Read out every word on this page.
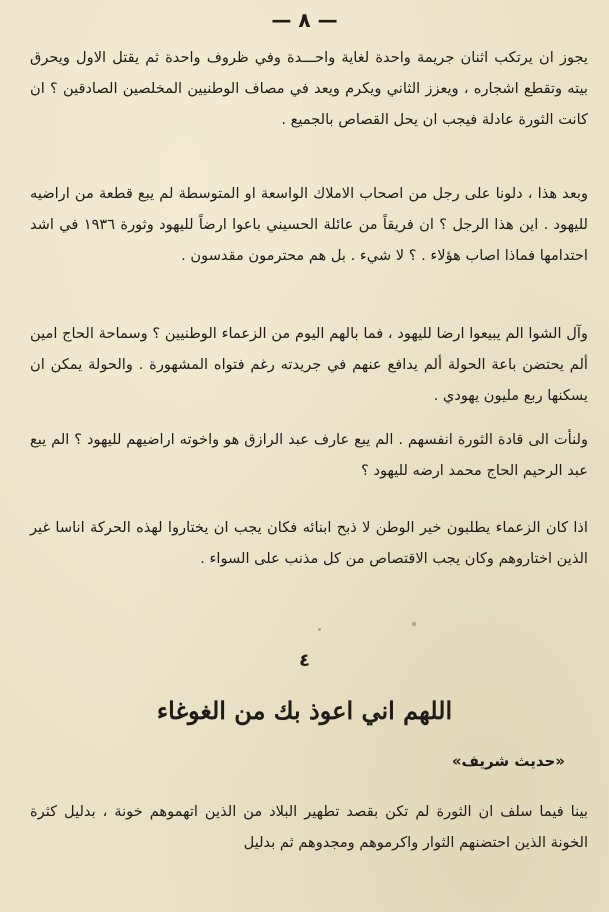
— ٨ —

يجوز ان يرتكب اثنان جريمة واحدة لغاية واحـــدة وفي ظروف واحدة ثم يقتل الاول ويحرق بيته وتقطع اشجاره ، ويعزز الثاني ويكرم ويعد في مصاف الوطنيين المخلصين الصادقين ؟ ان كانت الثورة عادلة فيجب ان يحل القصاص بالجميع .

وبعد هذا ، دلونا على رجل من اصحاب الاملاك الواسعة او المتوسطة لم يبع قطعة من اراضيه لليهود . اين هذا الرجل ؟ ان فريقاً من عائلة الحسيني باعوا ارضاً لليهود وثورة ١٩٣٦ في اشد احتدامها فماذا اصاب هؤلاء . ؟ لا شيء . بل هم محترمون مقدسون .

وآل الشوا الم يبيعوا ارضا لليهود ، فما بالهم اليوم من الزعماء الوطنيين ؟ وسماحة الحاج امين ألم يحتضن باعة الحولة ألم يدافع عنهم في جريدته رغم فتواه المشهورة . والحولة يمكن ان يسكنها ربع مليون يهودي .

ولنأت الى قادة الثورة انفسهم . الم يبع عارف عبد الرازق هو واخوته اراضيهم لليهود ؟ الم يبع عبد الرحيم الحاج محمد ارضه لليهود ؟

اذا كان الزعماء يطلبون خير الوطن لا ذبح ابنائه فكان يجب ان يختاروا لهذه الحركة اناسا غير الذين اختاروهم وكان يجب الاقتصاص من كل مذنب على السواء .

٤
اللهم اني اعوذ بك من الغوغاء
«حديث شريف»

بينا فيما سلف ان الثورة لم تكن بقصد تطهير البلاد من الذين اتهموهم خونة ، بدليل كثرة الخونة الذين احتضنهم الثوار واكرموهم ومجدوهم ثم بدليل
